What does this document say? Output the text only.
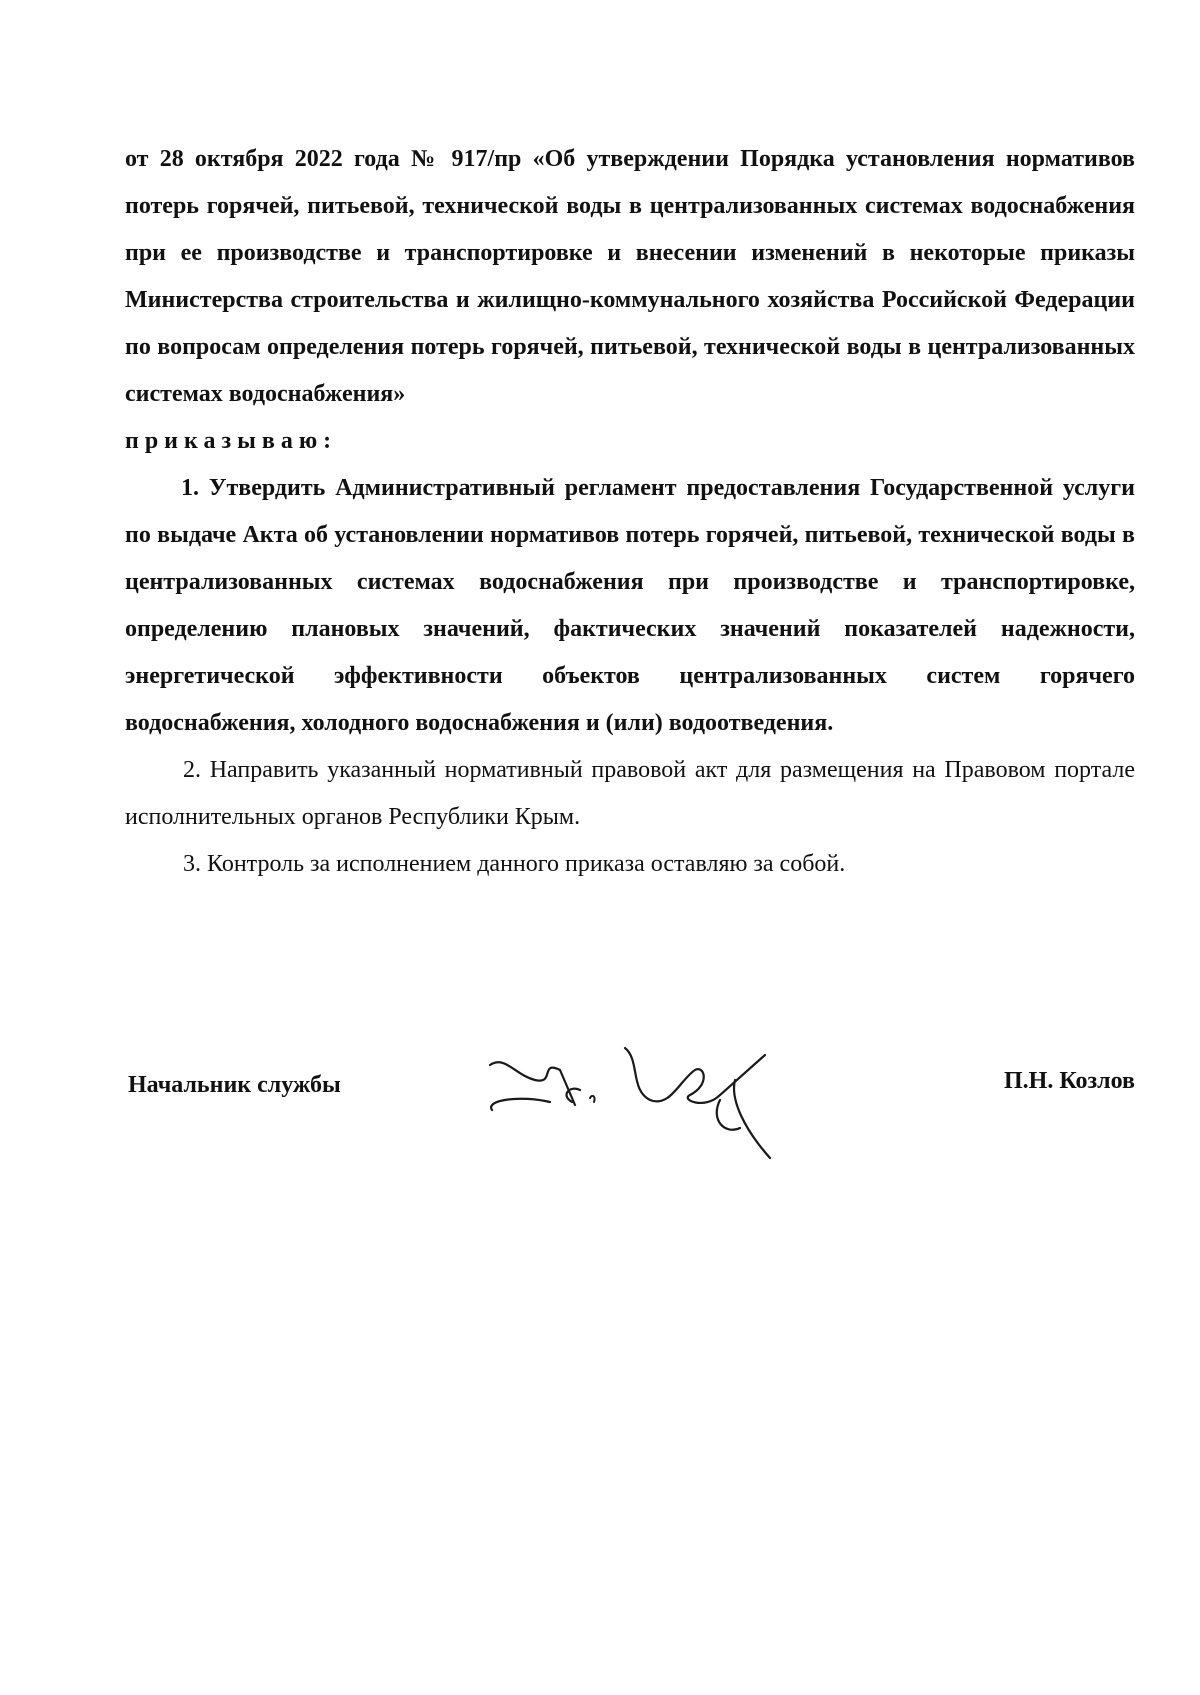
от 28 октября 2022 года № 917/пр «Об утверждении Порядка установления нормативов потерь горячей, питьевой, технической воды в централизованных системах водоснабжения при ее производстве и транспортировке и внесении изменений в некоторые приказы Министерства строительства и жилищно-коммунального хозяйства Российской Федерации по вопросам определения потерь горячей, питьевой, технической воды в централизованных системах водоснабжения»

приказываю:

1. Утвердить Административный регламент предоставления Государственной услуги по выдаче Акта об установлении нормативов потерь горячей, питьевой, технической воды в централизованных системах водоснабжения при производстве и транспортировке, определению плановых значений, фактических значений показателей надежности, энергетической эффективности объектов централизованных систем горячего водоснабжения, холодного водоснабжения и (или) водоотведения.

2. Направить указанный нормативный правовой акт для размещения на Правовом портале исполнительных органов Республики Крым.

3. Контроль за исполнением данного приказа оставляю за собой.

Начальник службы	П.Н. Козлов
